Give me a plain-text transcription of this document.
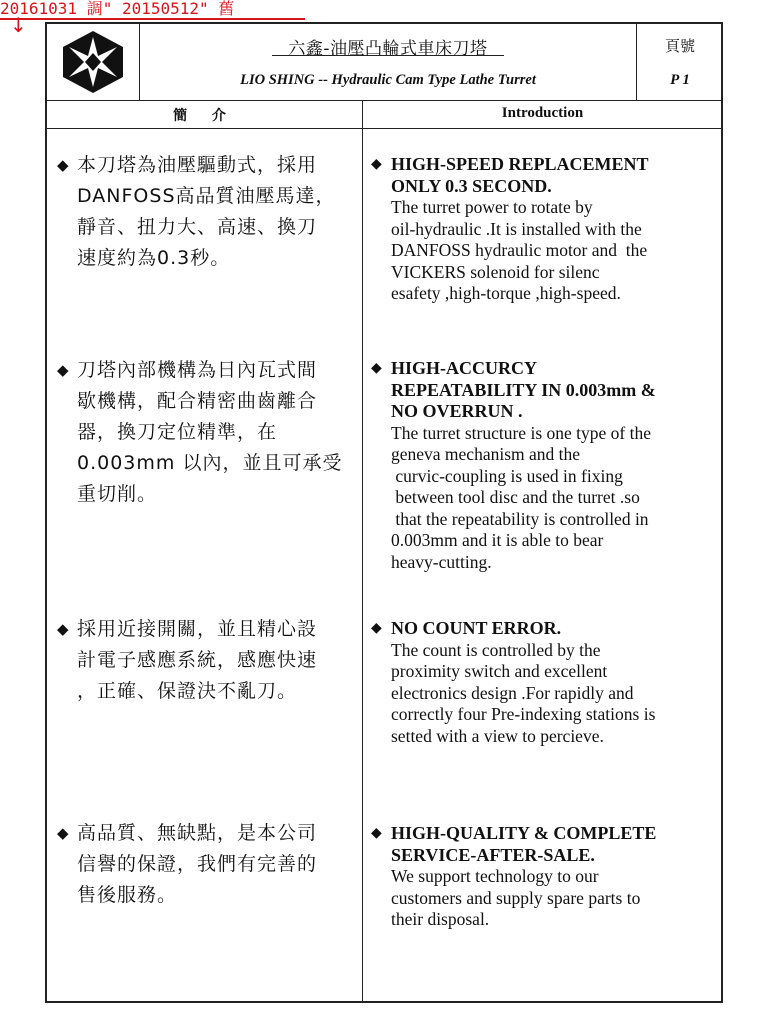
20161031 調" 20150512" 舊
↓
六鑫-油壓凸輪式車床刀塔
LIO SHING -- Hydraulic Cam Type Lathe Turret
頁號
P 1
簡 介	Introduction
◆ 本刀塔為油壓驅動式，採用
DANFOSS高品質油壓馬達，
靜音、扭力大、高速、換刀
速度約為0.3秒。
◆ HIGH-SPEED REPLACEMENT
ONLY 0.3 SECOND.
The turret power to rotate by
oil-hydraulic .It is installed with the
DANFOSS hydraulic motor and  the
VICKERS solenoid for silenc
esafety ,high-torque ,high-speed.
◆ 刀塔內部機構為日內瓦式間
歇機構，配合精密曲齒離合
器，換刀定位精準，在
0.003mm 以內，並且可承受
重切削。
◆ HIGH-ACCURCY
REPEATABILITY IN 0.003mm &
NO OVERRUN .
The turret structure is one type of the
geneva mechanism and the
curvic-coupling is used in fixing
between tool disc and the turret .so
that the repeatability is controlled in
0.003mm and it is able to bear
heavy-cutting.
◆ 採用近接開關，並且精心設
計電子感應系統，感應快速
，正確、保證決不亂刀。
◆ NO COUNT ERROR.
The count is controlled by the
proximity switch and excellent
electronics design .For rapidly and
correctly four Pre-indexing stations is
setted with a view to percieve.
◆ 高品質、無缺點，是本公司
信譽的保證，我們有完善的
售後服務。
◆ HIGH-QUALITY & COMPLETE
SERVICE-AFTER-SALE.
We support technology to our
customers and supply spare parts to
their disposal.
